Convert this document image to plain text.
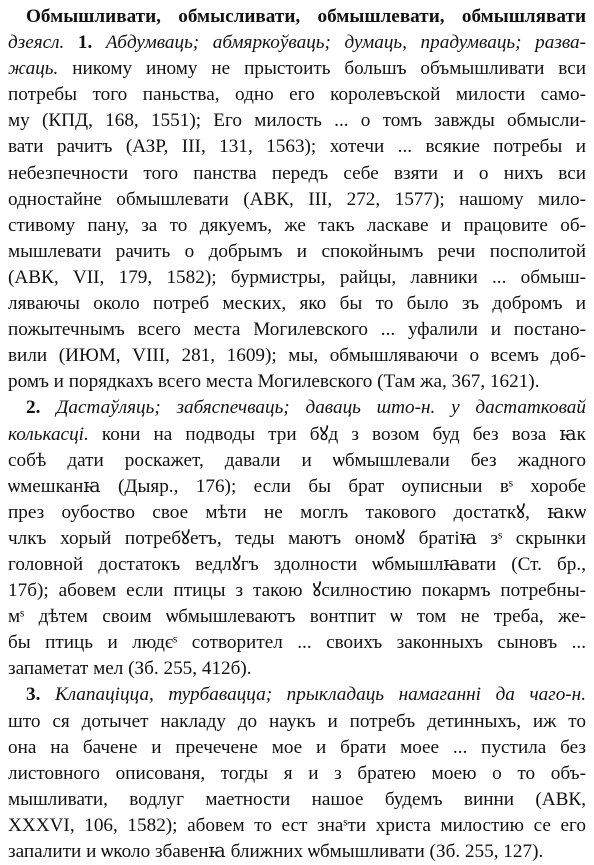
Обмышливати, обмысливати, обмышлевати, обмышлявати
дзеясл. 1. Абдумваць; абмяркоўваць; думаць, прадумваць; разва-
жаць. никому иному не прыстоить большъ объмышливати вси
потребы того паньства, одно его королевъской милости само-
му (КПД, 168, 1551); Его милость ... о томъ завжды обмысли-
вати рачитъ (АЗР, III, 131, 1563); хотечи ... всякие потребы и
небезпечности того панства передъ себе взяти и о нихъ вси
одностайне обмышлевати (АВК, III, 272, 1577); нашому мило-
стивому пану, за то дякуемъ, же такъ ласкаве и працовите об-
мышлевати рачить о добрымъ и спокойнымъ речи посполитой
(АВК, VII, 179, 1582); бурмистры, райцы, лавники ... обмыш-
ляваючы около потреб меских, яко бы то было зъ добромъ и
пожытечнымъ всего места Могилевского ... уфалили и постано-
вили (ИЮМ, VIII, 281, 1609); мы, обмышляваючи о всемъ доб-
ромъ и порядкахъ всего места Могилевского (Там жа, 367, 1621).
2. Дастаўляць; забяспечваць; даваць што-н. у дастатковай
колькасці. кони на подводы три бꙋд з возом буд без воза ꙗк
собѣ дати роскажет, давали и ѡбмышлевали без жадного
ѡмешканꙗ (Дыяр., 176); если бы брат оуписныи вˢ хоробе
през оубоство свое мѣти не моглъ такового достаткꙋ, ꙗкѡ
члкъ хорый потребꙋетъ, теды маютъ ономꙋ братіꙗ зˢ скрынки
головной достатокъ ведлꙋгъ здолности ѡбмышлꙗвати (Ст. бр.,
17б); абовем если птицы з такою ꙋсилностию покармъ потребны-
мˢ дѣтем своим ѡбмышлеваютъ вонтпит ѡ том не треба, же-
бы птиць и людєˢ сотворител ... своихъ законныхъ сыновъ ...
запаметат мел (Зб. 255, 412б).
3. Клапаціцца, турбавацца; прыкладаць намаганні да чаго-н.
што ся дотычет накладу до наукъ и потребъ детинныхъ, иж то
она на бачене и пречечене мое и брати моее ... пустила без
листовного описованя, тогды я и з братею моею о то объ-
мышливати, водлуг маетности нашое будемъ винни (АВК,
XXXVI, 106, 1582); абовем то ест знаˢти христа милостию се его
запалити и ѡколо збавенꙗ ближних ѡбмышливати (Зб. 255, 127).
